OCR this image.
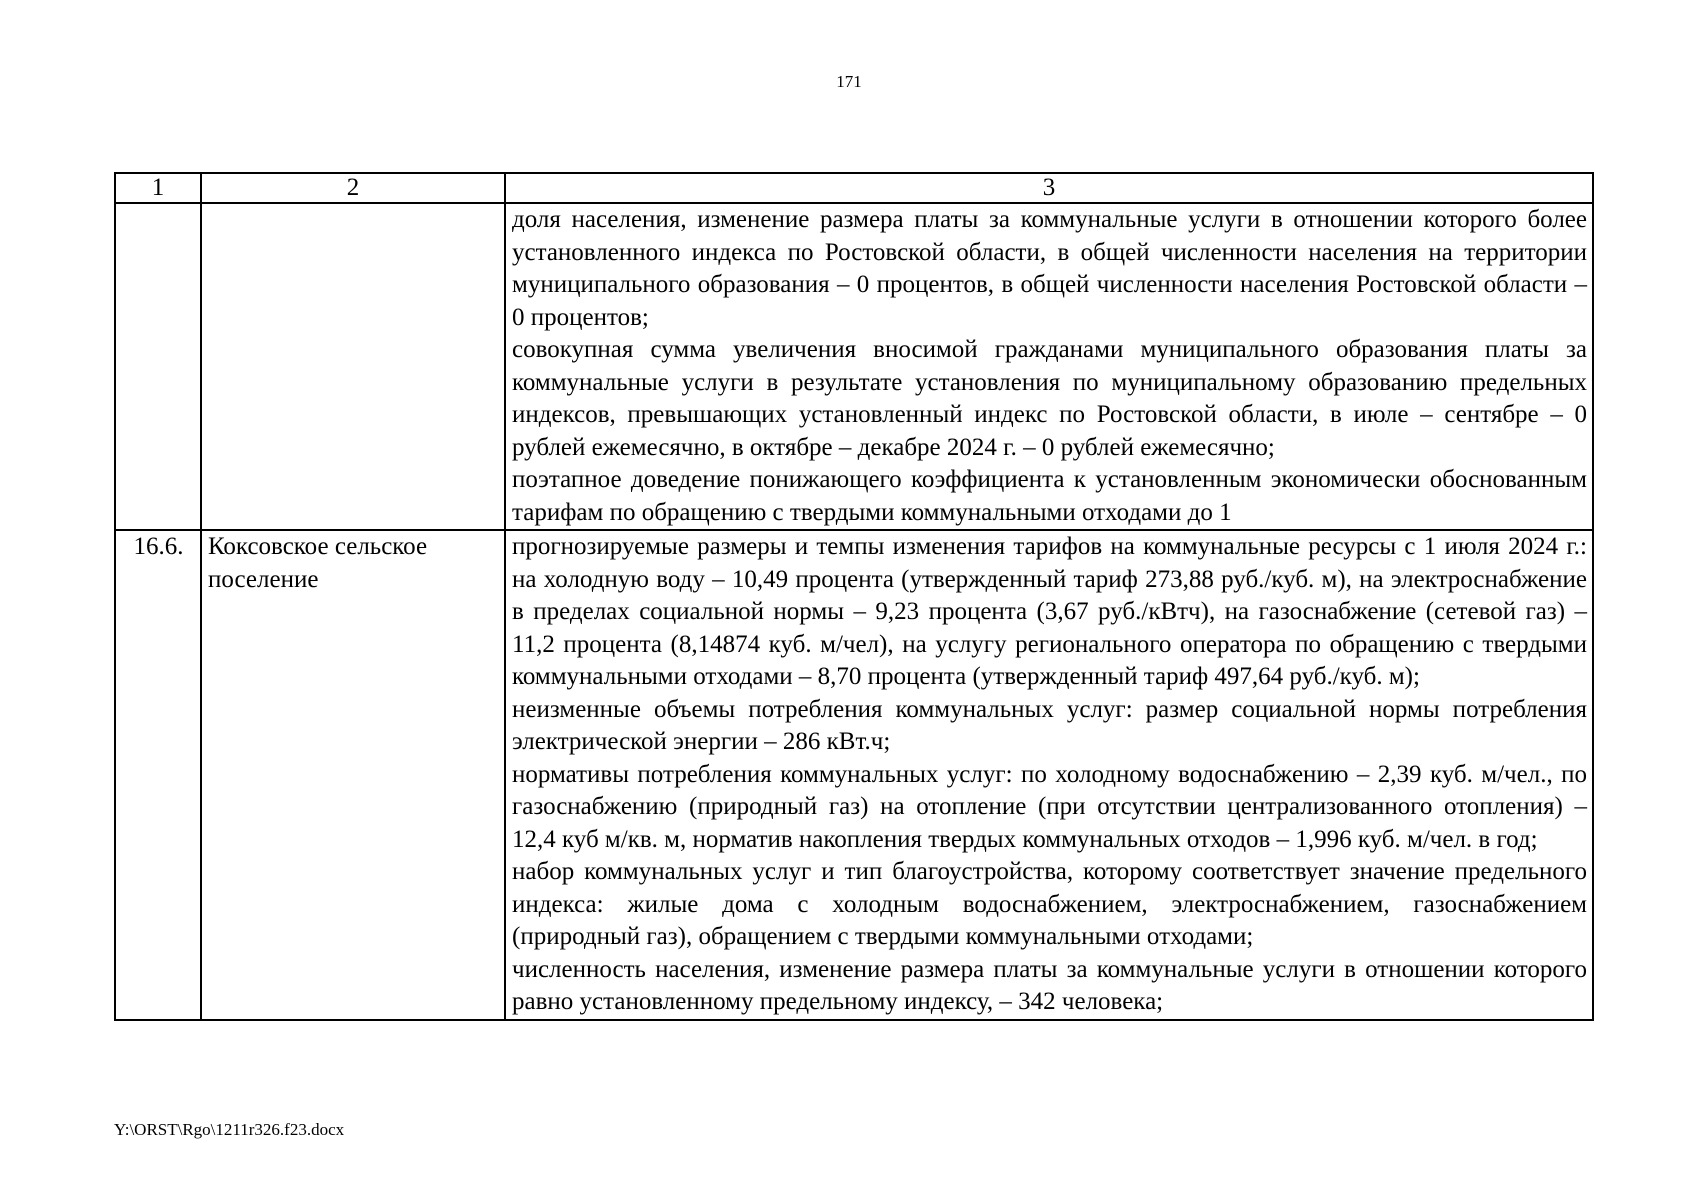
171
1	2	3

		доля населения, изменение размера платы за коммунальные услуги в отношении которого более установленного индекса по Ростовской области, в общей численности населения на территории муниципального образования – 0 процентов, в общей численности населения Ростовской области – 0 процентов;

совокупная сумма увеличения вносимой гражданами муниципального образования платы за коммунальные услуги в результате установления по муниципальному образованию предельных индексов, превышающих установленный индекс по Ростовской области, в июле – сентябре – 0 рублей ежемесячно, в октябре – декабре 2024 г. – 0 рублей ежемесячно;

поэтапное доведение понижающего коэффициента к установленным экономически обоснованным тарифам по обращению с твердыми коммунальными отходами до 1

16.6.	Коксовское сельское поселение	прогнозируемые размеры и темпы изменения тарифов на коммунальные ресурсы с 1 июля 2024 г.: на холодную воду – 10,49 процента (утвержденный тариф 273,88 руб./куб. м), на электроснабжение в пределах социальной нормы – 9,23 процента (3,67 руб./кВтч), на газоснабжение (сетевой газ) – 11,2 процента (8,14874 куб. м/чел), на услугу регионального оператора по обращению с твердыми коммунальными отходами – 8,70 процента (утвержденный тариф 497,64 руб./куб. м);

неизменные объемы потребления коммунальных услуг: размер социальной нормы потребления электрической энергии – 286 кВт.ч;

нормативы потребления коммунальных услуг: по холодному водоснабжению – 2,39 куб. м/чел., по газоснабжению (природный газ) на отопление (при отсутствии централизованного отопления) – 12,4 куб м/кв. м, норматив накопления твердых коммунальных отходов – 1,996 куб. м/чел. в год;

набор коммунальных услуг и тип благоустройства, которому соответствует значение предельного индекса: жилые дома с холодным водоснабжением, электроснабжением, газоснабжением (природный газ), обращением с твердыми коммунальными отходами;

численность населения, изменение размера платы за коммунальные услуги в отношении которого равно установленному предельному индексу, – 342 человека;

Y:\ORST\Rgo\1211r326.f23.docx
